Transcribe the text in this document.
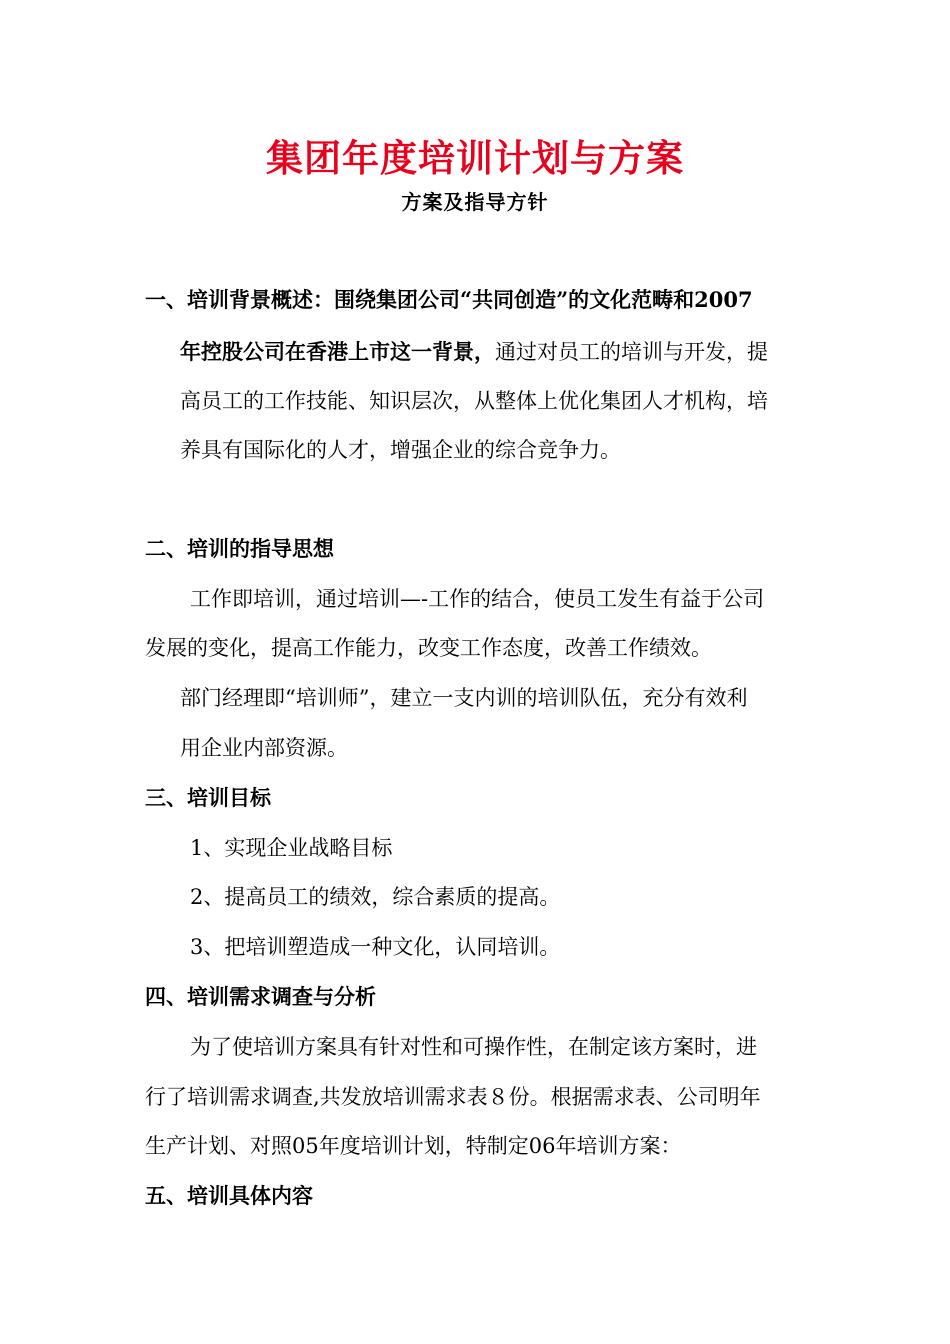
集团年度培训计划与方案
方案及指导方针
一、培训背景概述：围绕集团公司“共同创造”的文化范畴和2007
年控股公司在香港上市这一背景，通过对员工的培训与开发，提
高员工的工作技能、知识层次，从整体上优化集团人才机构，培
养具有国际化的人才，增强企业的综合竞争力。
二、培训的指导思想
工作即培训，通过培训—-工作的结合，使员工发生有益于公司
发展的变化，提高工作能力，改变工作态度，改善工作绩效。
部门经理即“培训师”，建立一支内训的培训队伍，充分有效利
用企业内部资源。
三、培训目标
1、实现企业战略目标
2、提高员工的绩效，综合素质的提高。
3、把培训塑造成一种文化，认同培训。
四、培训需求调查与分析
为了使培训方案具有针对性和可操作性，在制定该方案时，进
行了培训需求调查,共发放培训需求表８份。根据需求表、公司明年
生产计划、对照05年度培训计划，特制定06年培训方案：
五、培训具体内容
